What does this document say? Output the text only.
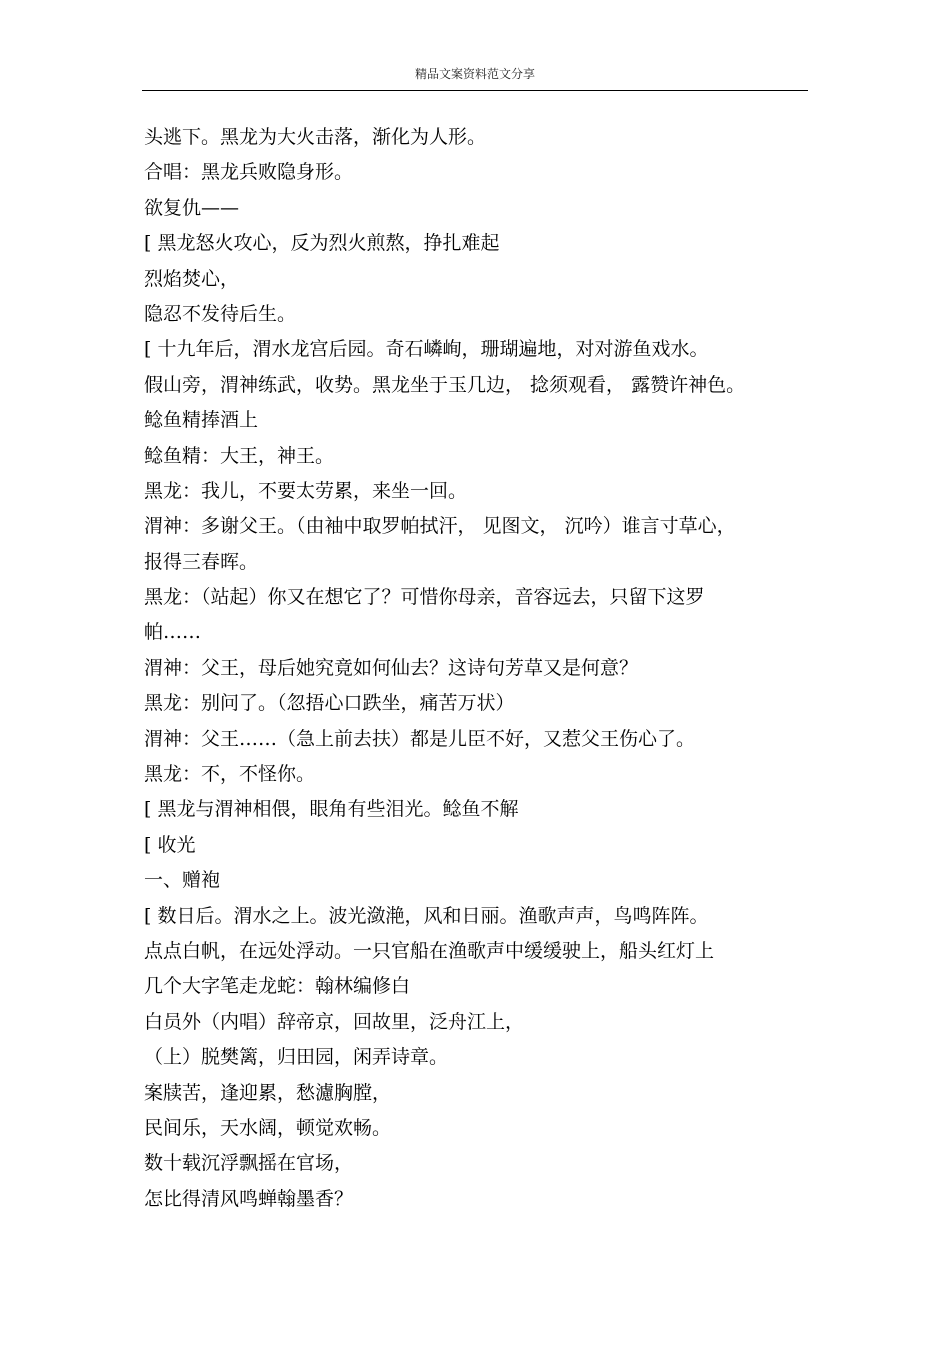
精品文案资料范文分享
头逃下。黑龙为大火击落，渐化为人形。
合唱：黑龙兵败隐身形。
欲复仇——
[ 黑龙怒火攻心，反为烈火煎熬，挣扎难起
烈焰焚心，
隐忍不发待后生。
[ 十九年后，渭水龙宫后园。奇石嶙峋，珊瑚遍地，对对游鱼戏水。
假山旁，渭神练武，收势。黑龙坐于玉几边， 捻须观看， 露赞许神色。
鲶鱼精捧酒上
鲶鱼精：大王，神王。
黑龙：我儿，不要太劳累，来坐一回。
渭神：多谢父王。（由袖中取罗帕拭汗， 见图文， 沉吟）谁言寸草心，
报得三春晖。
黑龙：（站起）你又在想它了？可惜你母亲，音容远去，只留下这罗
帕……
渭神：父王，母后她究竟如何仙去？这诗句芳草又是何意？
黑龙：别问了。（忽捂心口跌坐，痛苦万状）
渭神：父王……（急上前去扶）都是儿臣不好，又惹父王伤心了。
黑龙：不，不怪你。
[ 黑龙与渭神相偎，眼角有些泪光。鲶鱼不解
[ 收光
一、赠袍
[ 数日后。渭水之上。波光潋滟，风和日丽。渔歌声声，鸟鸣阵阵。
点点白帆，在远处浮动。一只官船在渔歌声中缓缓驶上，船头红灯上
几个大字笔走龙蛇：翰林编修白
白员外（内唱）辞帝京，回故里，泛舟江上，
（上）脱樊篱，归田园，闲弄诗章。
案牍苦，逢迎累，愁濾胸膛，
民间乐，天水阔，顿觉欢畅。
数十载沉浮飘摇在官场，
怎比得清风鸣蝉翰墨香？
